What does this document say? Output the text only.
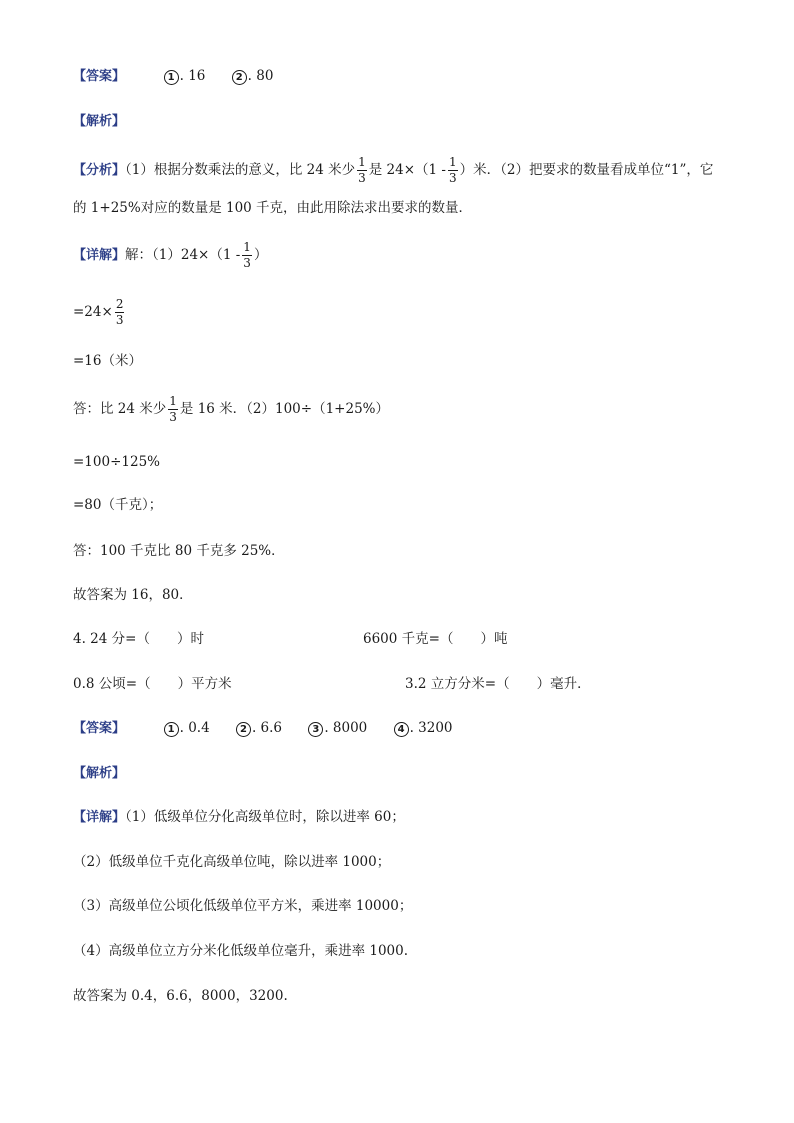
【答案】	1 . 16	2 . 80
【解析】
【分析】（1）根据分数乘法的意义，比 24 米少 $\frac{1}{3}$ 是 $24\times(1 - \frac{1}{3}$ ）米．（2）把要求的数量看成单位“1”，它
的 1+25%对应的数量是 100 千克，由此用除法求出要求的数量．
【详解】解：$(1)24\times(1 - \frac{1}{3}$ ）
$=24\times \frac{2}{3}$
=16（米）
答：比 24 米少 $\frac{1}{3}$ 是 16 米．（2）100÷（1+25%）
=100÷125%
=80（千克）；
答：100 千克比 80 千克多 25%．
故答案为 16，80．
4. 24 分=（　　）时	6600 千克=（　　）吨
0.8 公顷=（　　）平方米	3.2 立方分米=（　　）毫升．
【答案】	1 . 0.4	2 . 6.6	3 . 8000	4 . 3200
【解析】
【详解】（1）低级单位分化高级单位时，除以进率 60；
（2）低级单位千克化高级单位吨，除以进率 1000；
（3）高级单位公顷化低级单位平方米，乘进率 10000；
（4）高级单位立方分米化低级单位毫升，乘进率 1000.
故答案为 0.4，6.6，8000，3200.
